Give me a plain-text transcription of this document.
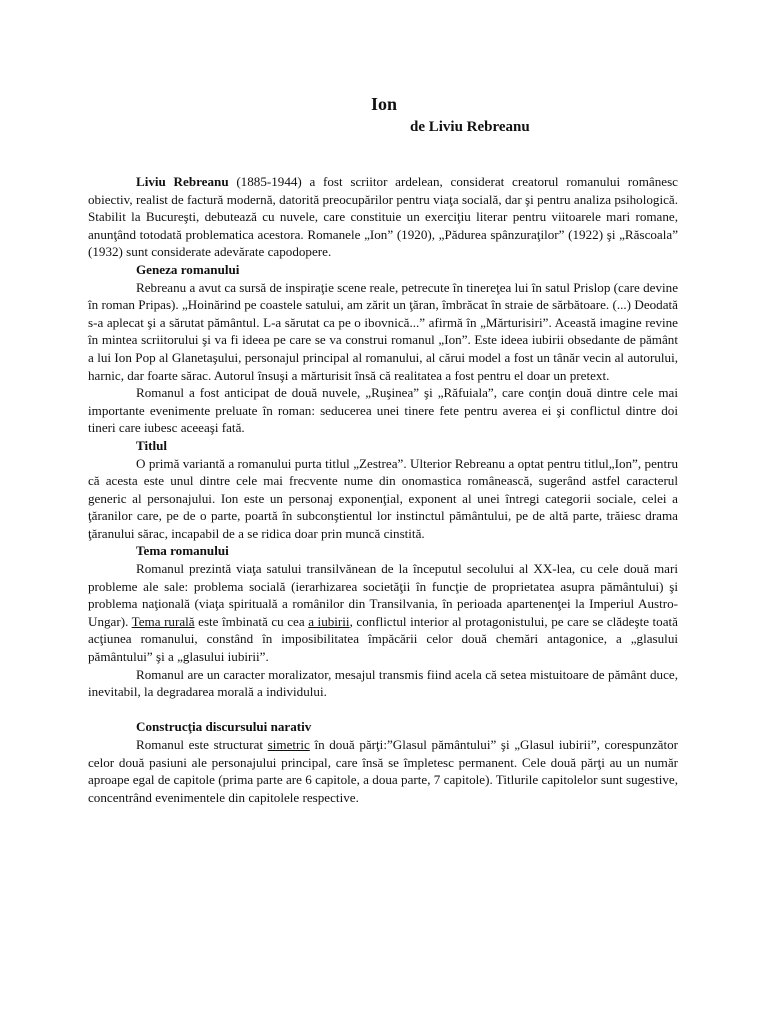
Ion
de Liviu Rebreanu

Liviu Rebreanu (1885-1944) a fost scriitor ardelean, considerat creatorul romanului românesc obiectiv, realist de factură modernă, datorită preocupărilor pentru viaţa socială, dar şi pentru analiza psihologică. Stabilit la Bucureşti, debutează cu nuvele, care constituie un exerciţiu literar pentru viitoarele mari romane, anunţând totodată problematica acestora. Romanele „Ion” (1920), „Pădurea spânzuraţilor” (1922) şi „Răscoala” (1932) sunt considerate adevărate capodopere.

Geneza romanului

Rebreanu a avut ca sursă de inspiraţie scene reale, petrecute în tinereţea lui în satul Prislop (care devine în roman Pripas). „Hoinărind pe coastele satului, am zărit un ţăran, îmbrăcat în straie de sărbătoare. (...) Deodată s-a aplecat şi a sărutat pământul. L-a sărutat ca pe o ibovnică...” afirmă în „Mărturisiri”. Această imagine revine în mintea scriitorului şi va fi ideea pe care se va construi romanul „Ion”. Este ideea iubirii obsedante de pământ a lui Ion Pop al Glanetaşului, personajul principal al romanului, al cărui model a fost un tânăr vecin al autorului, harnic, dar foarte sărac. Autorul însuşi a mărturisit însă că realitatea a fost pentru el doar un pretext.

Romanul a fost anticipat de două nuvele, „Ruşinea” şi „Răfuiala”, care conţin două dintre cele mai importante evenimente preluate în roman: seducerea unei tinere fete pentru averea ei şi conflictul dintre doi tineri care iubesc aceeaşi fată.

Titlul

O primă variantă a romanului purta titlul „Zestrea”. Ulterior Rebreanu a optat pentru titlul„Ion”, pentru că acesta este unul dintre cele mai frecvente nume din onomastica românească, sugerând astfel caracterul generic al personajului. Ion este un personaj exponenţial, exponent al unei întregi categorii sociale, celei a ţăranilor care, pe de o parte, poartă în subconştientul lor instinctul pământului, pe de altă parte, trăiesc drama ţăranului sărac, incapabil de a se ridica doar prin muncă cinstită.

Tema romanului

Romanul prezintă viaţa satului transilvănean de la începutul secolului al XX-lea, cu cele două mari probleme ale sale: problema socială (ierarhizarea societăţii în funcţie de proprietatea asupra pământului) şi problema naţională (viaţa spirituală a românilor din Transilvania, în perioada apartenenţei la Imperiul Austro-Ungar). Tema rurală este îmbinată cu cea a iubirii, conflictul interior al protagonistului, pe care se clădeşte toată acţiunea romanului, constând în imposibilitatea împăcării celor două chemări antagonice, a „glasului pământului” şi a „glasului iubirii”.

Romanul are un caracter moralizator, mesajul transmis fiind acela că setea mistuitoare de pământ duce, inevitabil, la degradarea morală a individului.

Construcţia discursului narativ

Romanul este structurat simetric în două părţi:”Glasul pământului” şi „Glasul iubirii”, corespunzător celor două pasiuni ale personajului principal, care însă se împletesc permanent. Cele două părţi au un număr aproape egal de capitole (prima parte are 6 capitole, a doua parte, 7 capitole). Titlurile capitolelor sunt sugestive, concentrând evenimentele din capitolele respective.
